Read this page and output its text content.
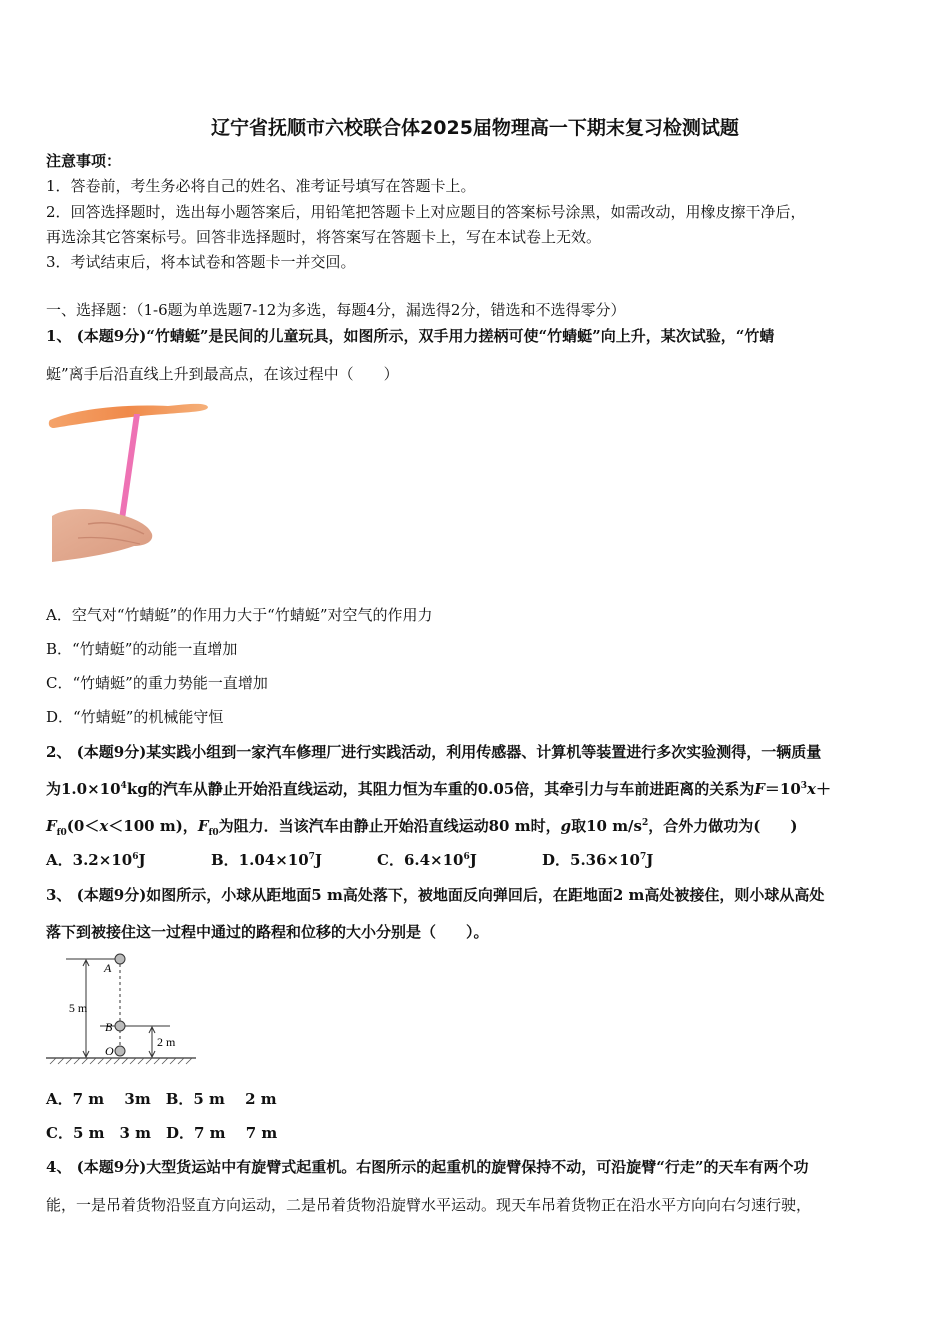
辽宁省抚顺市六校联合体2025届物理高一下期末复习检测试题
注意事项：
1．答卷前，考生务必将自己的姓名、准考证号填写在答题卡上。
2．回答选择题时，选出每小题答案后，用铅笔把答题卡上对应题目的答案标号涂黑，如需改动，用橡皮擦干净后，
再选涂其它答案标号。回答非选择题时，将答案写在答题卡上，写在本试卷上无效。
3．考试结束后，将本试卷和答题卡一并交回。
一、选择题：（1-6题为单选题7-12为多选，每题4分，漏选得2分，错选和不选得零分）
1、 (本题9分)“竹蜻蜓”是民间的儿童玩具，如图所示，双手用力搓柄可使“竹蜻蜓”向上升，某次试验，“竹蜻
蜓”离手后沿直线上升到最高点，在该过程中（　　）
A．空气对“竹蜻蜓”的作用力大于“竹蜻蜓”对空气的作用力
B．“竹蜻蜓”的动能一直增加
C．“竹蜻蜓”的重力势能一直增加
D．“竹蜻蜓”的机械能守恒
2、 (本题9分)某实践小组到一家汽车修理厂进行实践活动，利用传感器、计算机等装置进行多次实验测得，一辆质量
为$1.0\times 10^4kg$的汽车从静止开始沿直线运动，其阻力恒为车重的0.05倍，其牵引力与车前进距离的关系为$F=10^3x+$
$F_{f0}(0<x<100$ m)，$F_{f0}$为阻力．当该汽车由静止开始沿直线运动80 m时，g取10 $m/s^2$，合外力做功为(　　)
A．$3.2\times 10^6J$	B．$1.04\times 10^7J$	C．$6.4\times 10^6J$	D．$5.36\times 10^7J$
3、 (本题9分)如图所示，小球从距地面5 m高处落下，被地面反向弹回后，在距地面2 m高处被接住，则小球从高处
落下到被接住这一过程中通过的路程和位移的大小分别是（　　）。
A
B
O
5 m
2 m
A．7 m　 3m　B．5 m　 2 m
C．5 m　3 m　D．7 m　 7 m
4、 (本题9分)大型货运站中有旋臂式起重机。右图所示的起重机的旋臂保持不动，可沿旋臂“行走”的天车有两个功
能，一是吊着货物沿竖直方向运动，二是吊着货物沿旋臂水平运动。现天车吊着货物正在沿水平方向向右匀速行驶，
